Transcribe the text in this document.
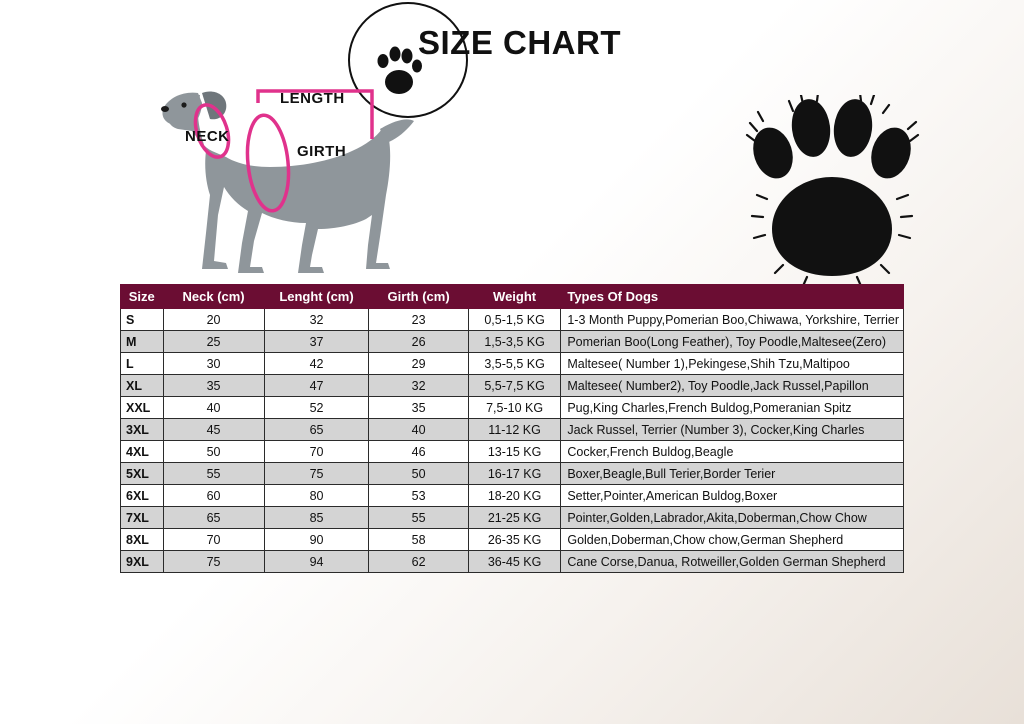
SIZE CHART
LENGTH
NECK
GIRTH
Size	Neck (cm)	Lenght (cm)	Girth (cm)	Weight	Types Of Dogs
S	20	32	23	0,5-1,5 KG	1-3 Month Puppy,Pomerian Boo,Chiwawa, Yorkshire, Terrier
M	25	37	26	1,5-3,5 KG	Pomerian Boo(Long Feather), Toy Poodle,Maltesee(Zero)
L	30	42	29	3,5-5,5 KG	Maltesee( Number 1),Pekingese,Shih Tzu,Maltipoo
XL	35	47	32	5,5-7,5 KG	Maltesee( Number2), Toy Poodle,Jack Russel,Papillon
XXL	40	52	35	7,5-10 KG	Pug,King Charles,French Buldog,Pomeranian Spitz
3XL	45	65	40	11-12 KG	Jack Russel, Terrier (Number 3), Cocker,King Charles
4XL	50	70	46	13-15 KG	Cocker,French Buldog,Beagle
5XL	55	75	50	16-17 KG	Boxer,Beagle,Bull Terier,Border Terier
6XL	60	80	53	18-20 KG	Setter,Pointer,American Buldog,Boxer
7XL	65	85	55	21-25 KG	Pointer,Golden,Labrador,Akita,Doberman,Chow Chow
8XL	70	90	58	26-35 KG	Golden,Doberman,Chow chow,German Shepherd
9XL	75	94	62	36-45 KG	Cane Corse,Danua, Rotweiller,Golden German Shepherd
